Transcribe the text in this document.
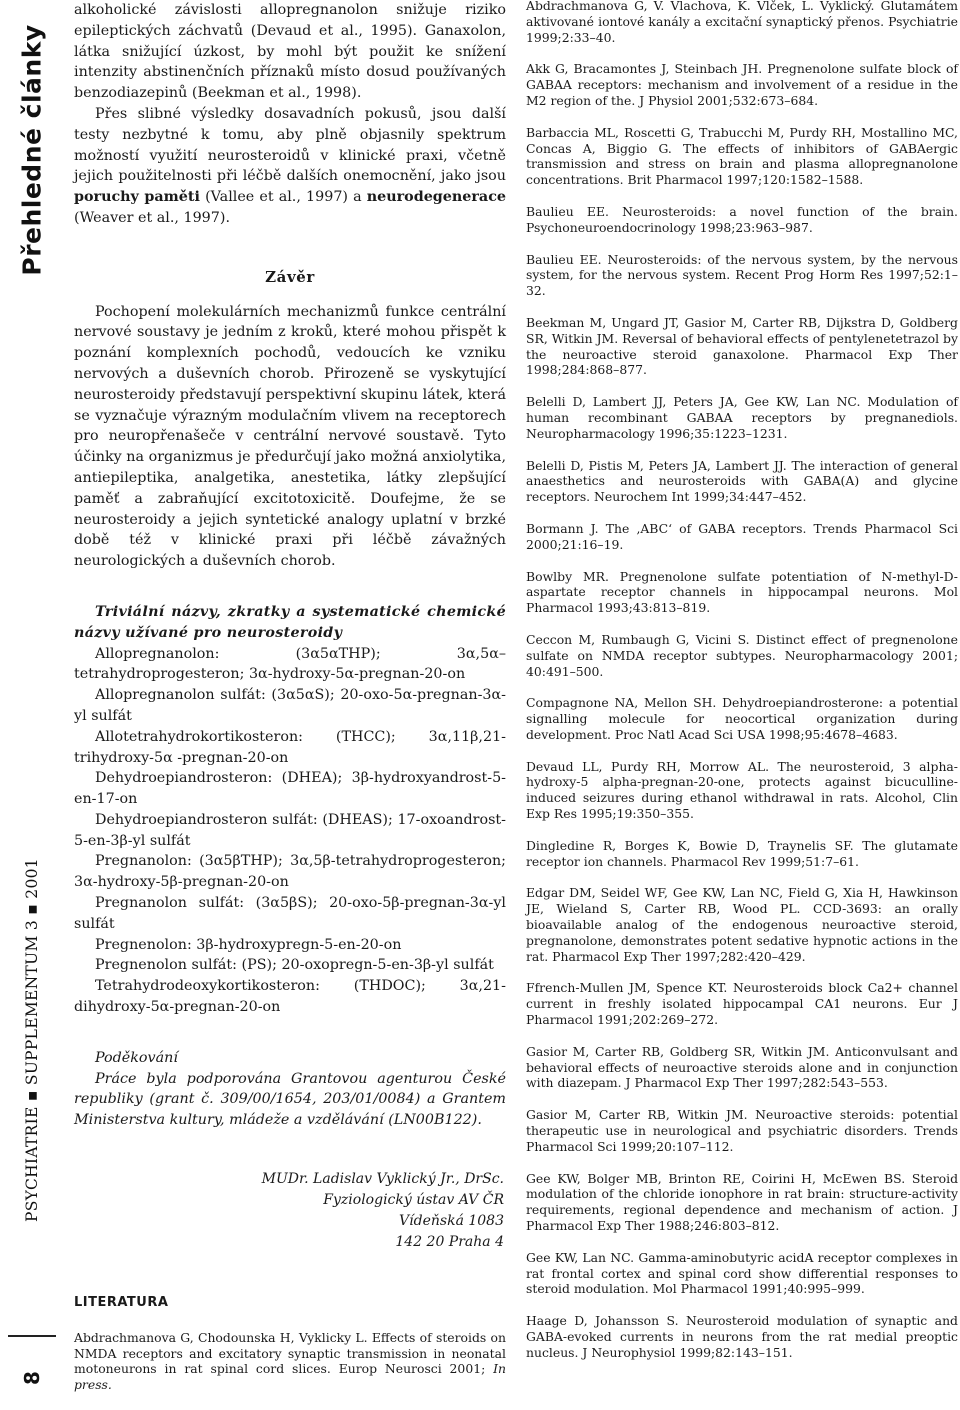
Přehledné články
PSYCHIATRIE ▪ SUPPLEMENTUM 3 ▪ 2001
8

alkoholické závislosti allopregnanolon snižuje riziko epileptických záchvatů (Devaud et al., 1995). Ganaxolon, látka snižující úzkost, by mohl být použit ke snížení intenzity abstinenčních příznaků místo dosud používaných benzodiazepinů (Beekman et al., 1998).

Přes slibné výsledky dosavadních pokusů, jsou další testy nezbytné k tomu, aby plně objasnily spektrum možností využití neurosteroidů v klinické praxi, včetně jejich použitelnosti při léčbě dalších onemocnění, jako jsou poruchy paměti (Vallee et al., 1997) a neurodegenerace (Weaver et al., 1997).

Závěr

Pochopení molekulárních mechanizmů funkce centrální nervové soustavy je jedním z kroků, které mohou přispět k poznání komplexních pochodů, vedoucích ke vzniku nervových a duševních chorob. Přirozeně se vyskytující neurosteroidy představují perspektivní skupinu látek, která se vyznačuje výrazným modulačním vlivem na receptorech pro neuropřenašeče v centrální nervové soustavě. Tyto účinky na organizmus je předurčují jako možná anxiolytika, antiepileptika, analgetika, anestetika, látky zlepšující paměť a zabraňující excitotoxicitě. Doufejme, že se neurosteroidy a jejich syntetické analogy uplatní v brzké době též v klinické praxi při léčbě závažných neurologických a duševních chorob.

Triviální názvy, zkratky a systematické chemické názvy užívané pro neurosteroidy

Allopregnanolon: (3α5αTHP); 3α,5α–tetrahydroprogesteron; 3α-hydroxy-5α-pregnan-20-on

Allopregnanolon sulfát: (3α5αS); 20-oxo-5α-pregnan-3α-yl sulfát

Allotetrahydrokortikosteron: (THCC); 3α,11β,21-trihydroxy-5α -pregnan-20-on

Dehydroepiandrosteron: (DHEA); 3β-hydroxyandrost-5-en-17-on

Dehydroepiandrosteron sulfát: (DHEAS); 17-oxoandrost-5-en-3β-yl sulfát

Pregnanolon: (3α5βTHP); 3α,5β-tetrahydroprogesteron; 3α-hydroxy-5β-pregnan-20-on

Pregnanolon sulfát: (3α5βS); 20-oxo-5β-pregnan-3α-yl sulfát

Pregnenolon: 3β-hydroxypregn-5-en-20-on

Pregnenolon sulfát: (PS); 20-oxopregn-5-en-3β-yl sulfát

Tetrahydrodeoxykortikosteron: (THDOC); 3α,21-dihydroxy-5α-pregnan-20-on

Poděkování

Práce byla podporována Grantovou agenturou České republiky (grant č. 309/00/1654, 203/01/0084) a Grantem Ministerstva kultury, mládeže a vzdělávání (LN00B122).

MUDr. Ladislav Vyklický Jr., DrSc.
Fyziologický ústav AV ČR
Vídeňská 1083
142 20 Praha 4
LITERATURA

Abdrachmanova G, Chodounska H, Vyklicky L. Effects of steroids on NMDA receptors and excitatory synaptic transmission in neonatal motoneurons in rat spinal cord slices. Europ Neurosci 2001; In press.

Abdrachmanova G, V. Vlachova, K. Vlček, L. Vyklický. Glutamátem aktivované iontové kanály a excitační synaptický přenos. Psychiatrie 1999;2:33–40.

Akk G, Bracamontes J, Steinbach JH. Pregnenolone sulfate block of GABAA receptors: mechanism and involvement of a residue in the M2 region of the. J Physiol 2001;532:673–684.

Barbaccia ML, Roscetti G, Trabucchi M, Purdy RH, Mostallino MC, Concas A, Biggio G. The effects of inhibitors of GABAergic transmission and stress on brain and plasma allopregnanolone concentrations. Brit Pharmacol 1997;120:1582–1588.

Baulieu EE. Neurosteroids: a novel function of the brain. Psychoneuroendocrinology 1998;23:963–987.

Baulieu EE. Neurosteroids: of the nervous system, by the nervous system, for the nervous system. Recent Prog Horm Res 1997;52:1–32.

Beekman M, Ungard JT, Gasior M, Carter RB, Dijkstra D, Goldberg SR, Witkin JM. Reversal of behavioral effects of pentylenetetrazol by the neuroactive steroid ganaxolone. Pharmacol Exp Ther 1998;284:868–877.

Belelli D, Lambert JJ, Peters JA, Gee KW, Lan NC. Modulation of human recombinant GABAA receptors by pregnanediols. Neuropharmacology 1996;35:1223–1231.

Belelli D, Pistis M, Peters JA, Lambert JJ. The interaction of general anaesthetics and neurosteroids with GABA(A) and glycine receptors. Neurochem Int 1999;34:447–452.

Bormann J. The ‚ABC‘ of GABA receptors. Trends Pharmacol Sci 2000;21:16–19.

Bowlby MR. Pregnenolone sulfate potentiation of N-methyl-D-aspartate receptor channels in hippocampal neurons. Mol Pharmacol 1993;43:813–819.

Ceccon M, Rumbaugh G, Vicini S. Distinct effect of pregnenolone sulfate on NMDA receptor subtypes. Neuropharmacology 2001; 40:491–500.

Compagnone NA, Mellon SH. Dehydroepiandrosterone: a potential signalling molecule for neocortical organization during development. Proc Natl Acad Sci USA 1998;95:4678–4683.

Devaud LL, Purdy RH, Morrow AL. The neurosteroid, 3 alpha-hydroxy-5 alpha-pregnan-20-one, protects against bicuculline-induced seizures during ethanol withdrawal in rats. Alcohol, Clin Exp Res 1995;19:350–355.

Dingledine R, Borges K, Bowie D, Traynelis SF. The glutamate receptor ion channels. Pharmacol Rev 1999;51:7–61.

Edgar DM, Seidel WF, Gee KW, Lan NC, Field G, Xia H, Hawkinson JE, Wieland S, Carter RB, Wood PL. CCD-3693: an orally bioavailable analog of the endogenous neuroactive steroid, pregnanolone, demonstrates potent sedative hypnotic actions in the rat. Pharmacol Exp Ther 1997;282:420–429.

Ffrench-Mullen JM, Spence KT. Neurosteroids block Ca2+ channel current in freshly isolated hippocampal CA1 neurons. Eur J Pharmacol 1991;202:269–272.

Gasior M, Carter RB, Goldberg SR, Witkin JM. Anticonvulsant and behavioral effects of neuroactive steroids alone and in conjunction with diazepam. J Pharmacol Exp Ther 1997;282:543–553.

Gasior M, Carter RB, Witkin JM. Neuroactive steroids: potential therapeutic use in neurological and psychiatric disorders. Trends Pharmacol Sci 1999;20:107–112.

Gee KW, Bolger MB, Brinton RE, Coirini H, McEwen BS. Steroid modulation of the chloride ionophore in rat brain: structure-activity requirements, regional dependence and mechanism of action. J Pharmacol Exp Ther 1988;246:803–812.

Gee KW, Lan NC. Gamma-aminobutyric acidA receptor complexes in rat frontal cortex and spinal cord show differential responses to steroid modulation. Mol Pharmacol 1991;40:995–999.

Haage D, Johansson S. Neurosteroid modulation of synaptic and GABA-evoked currents in neurons from the rat medial preoptic nucleus. J Neurophysiol 1999;82:143–151.
